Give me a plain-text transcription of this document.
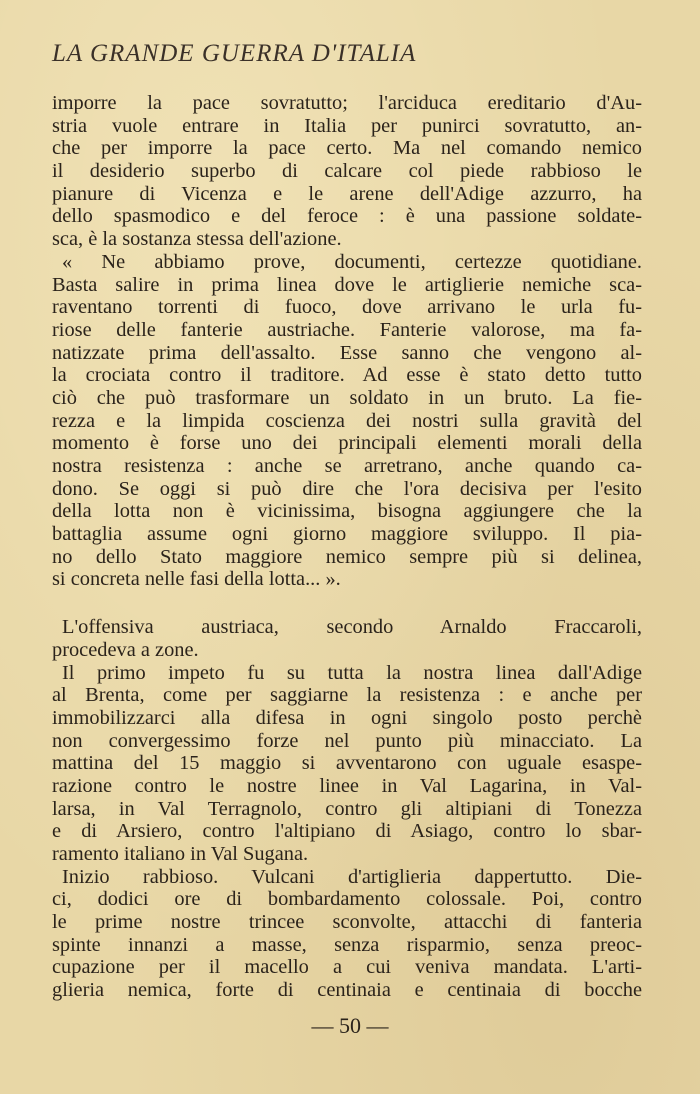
LA GRANDE GUERRA D'ITALIA
imporre la pace sovratutto; l'arciduca ereditario d'Au-
stria vuole entrare in Italia per punirci sovratutto, an-
che per imporre la pace certo. Ma nel comando nemico
il desiderio superbo di calcare col piede rabbioso le
pianure di Vicenza e le arene dell'Adige azzurro, ha
dello spasmodico e del feroce : è una passione soldate-
sca, è la sostanza stessa dell'azione.
« Ne abbiamo prove, documenti, certezze quotidiane.
Basta salire in prima linea dove le artiglierie nemiche sca-
raventano torrenti di fuoco, dove arrivano le urla fu-
riose delle fanterie austriache. Fanterie valorose, ma fa-
natizzate prima dell'assalto. Esse sanno che vengono al-
la crociata contro il traditore. Ad esse è stato detto tutto
ciò che può trasformare un soldato in un bruto. La fie-
rezza e la limpida coscienza dei nostri sulla gravità del
momento è forse uno dei principali elementi morali della
nostra resistenza : anche se arretrano, anche quando ca-
dono. Se oggi si può dire che l'ora decisiva per l'esito
della lotta non è vicinissima, bisogna aggiungere che la
battaglia assume ogni giorno maggiore sviluppo. Il pia-
no dello Stato maggiore nemico sempre più si delinea,
si concreta nelle fasi della lotta... ».
L'offensiva austriaca, secondo Arnaldo Fraccaroli,
procedeva a zone.
Il primo impeto fu su tutta la nostra linea dall'Adige
al Brenta, come per saggiarne la resistenza : e anche per
immobilizzarci alla difesa in ogni singolo posto perchè
non convergessimo forze nel punto più minacciato. La
mattina del 15 maggio si avventarono con uguale esaspe-
razione contro le nostre linee in Val Lagarina, in Val-
larsa, in Val Terragnolo, contro gli altipiani di Tonezza
e di Arsiero, contro l'altipiano di Asiago, contro lo sbar-
ramento italiano in Val Sugana.
Inizio rabbioso. Vulcani d'artiglieria dappertutto. Die-
ci, dodici ore di bombardamento colossale. Poi, contro
le prime nostre trincee sconvolte, attacchi di fanteria
spinte innanzi a masse, senza risparmio, senza preoc-
cupazione per il macello a cui veniva mandata. L'arti-
glieria nemica, forte di centinaia e centinaia di bocche
— 50 —
